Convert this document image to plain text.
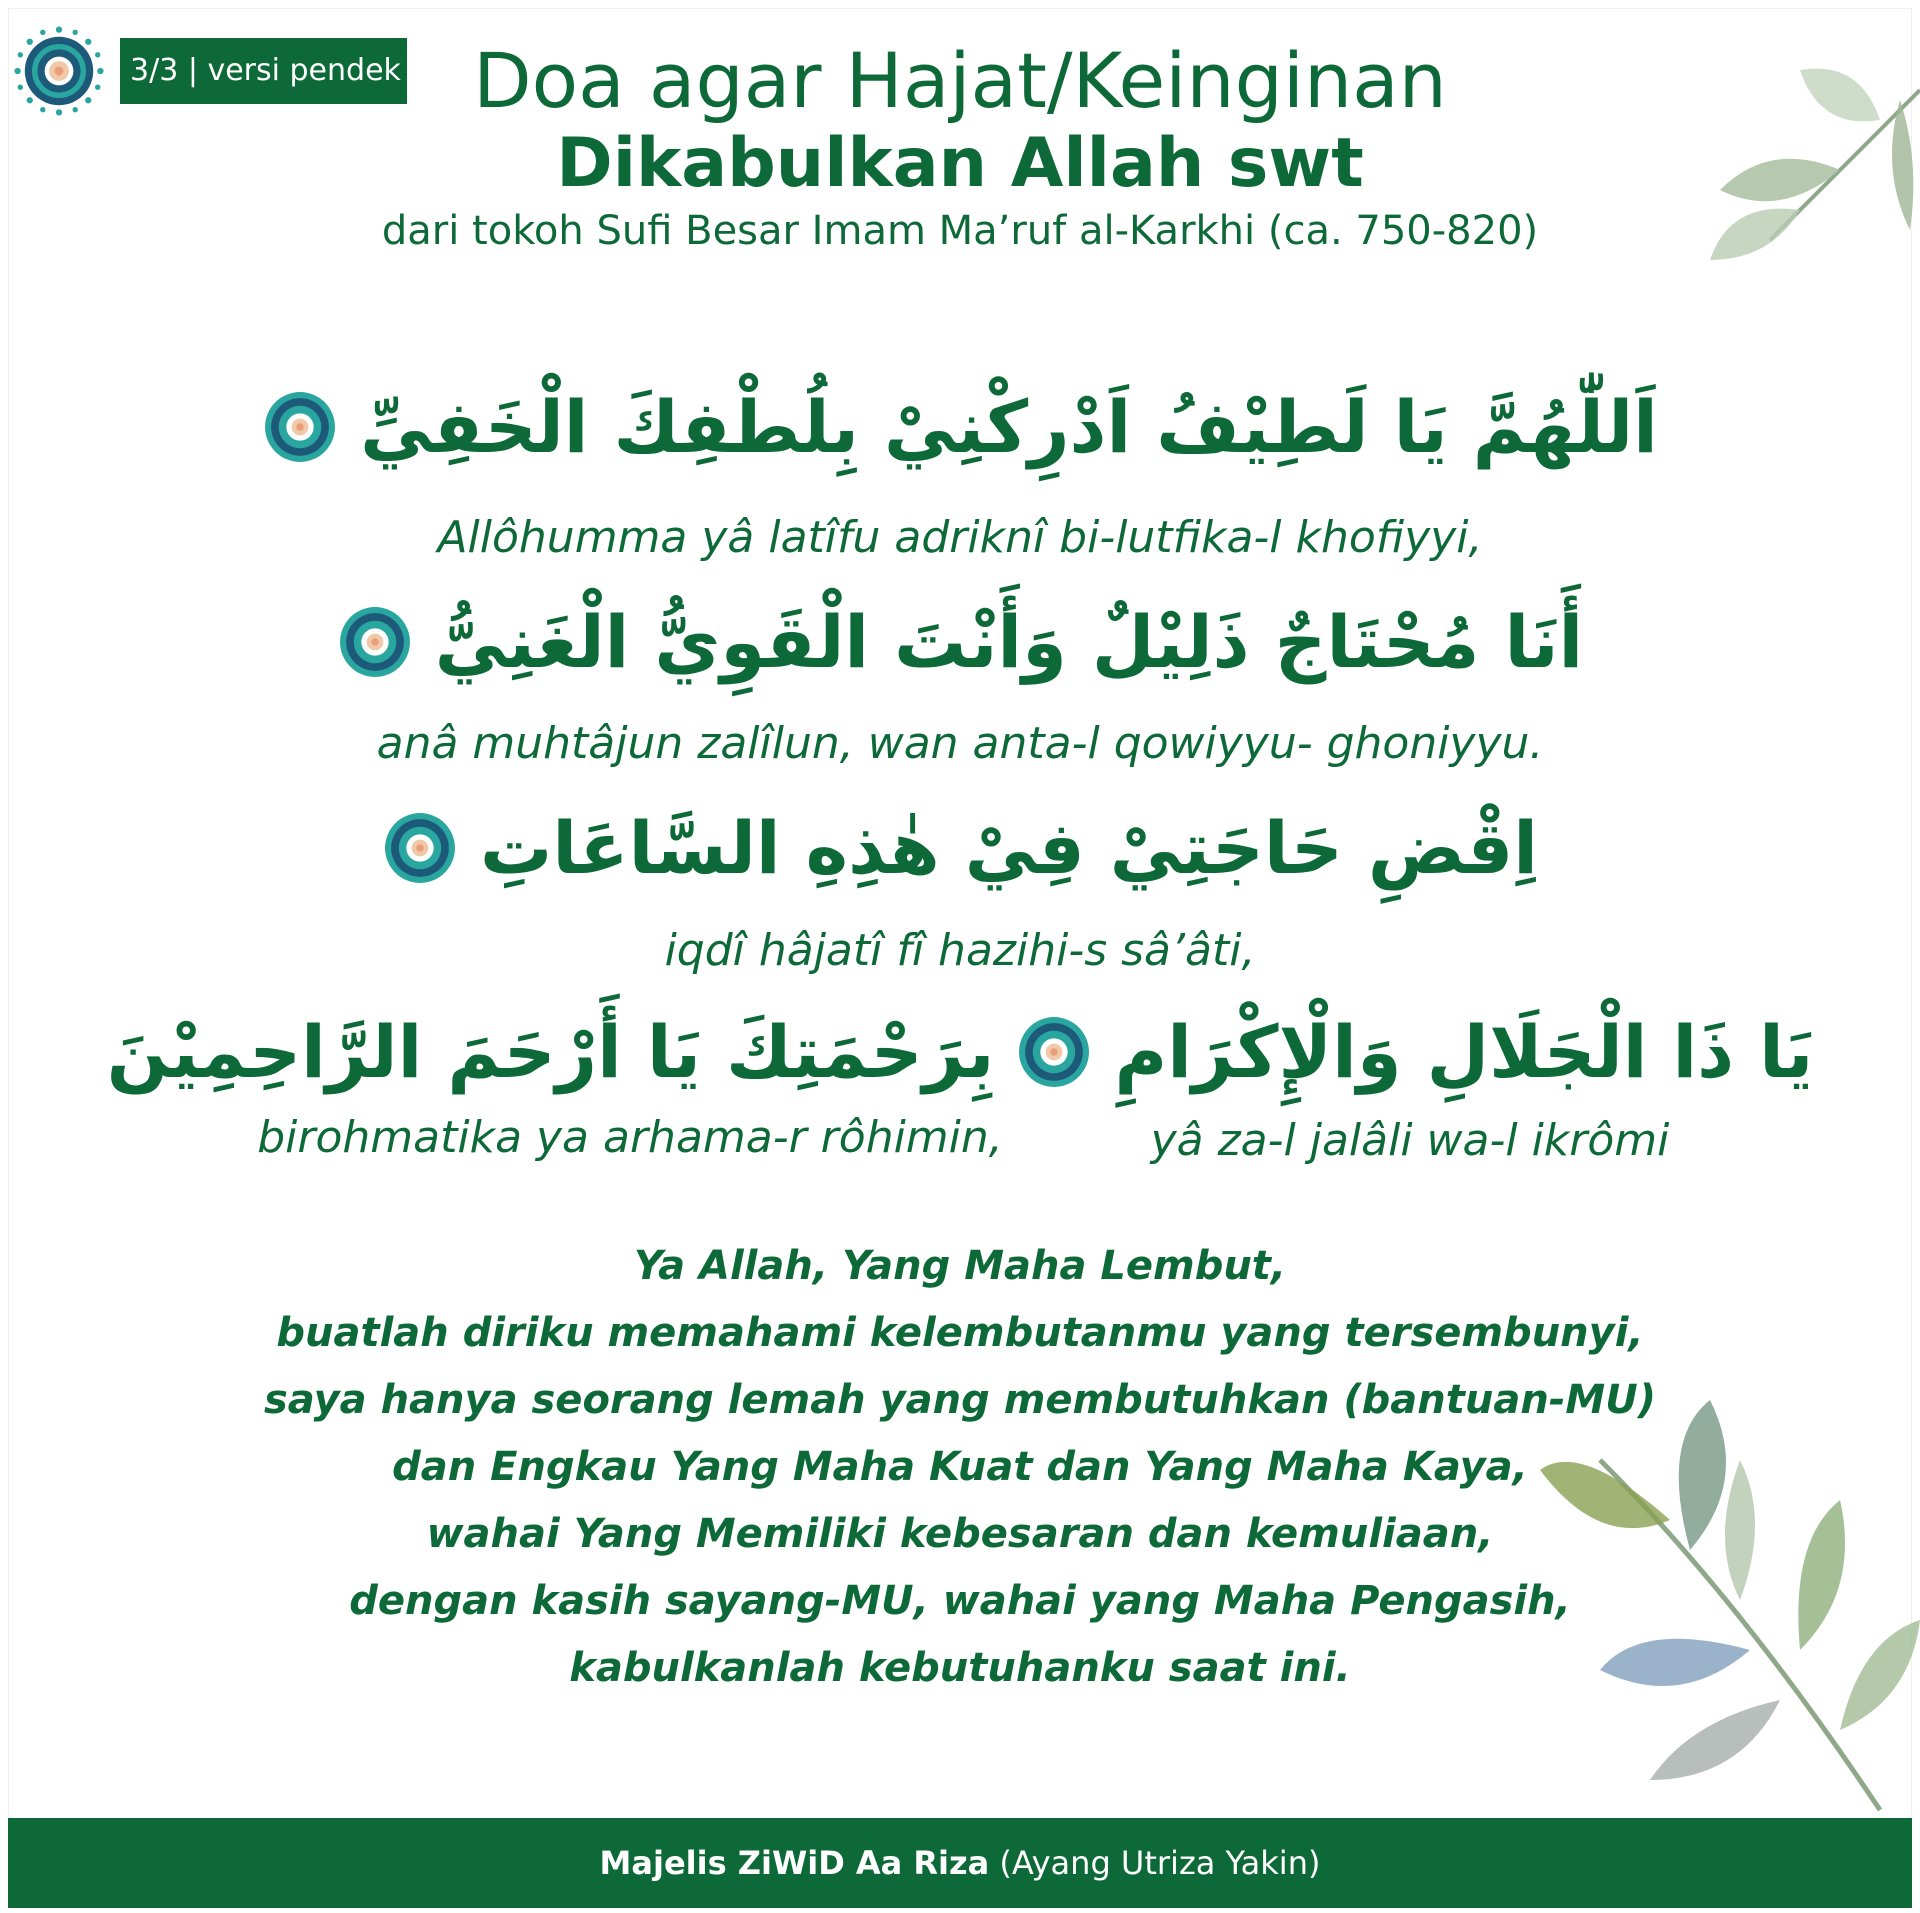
3/3 | versi pendek Doa agar Hajat/Keinginan
Dikabulkan Allah swt
dari tokoh Sufi Besar Imam Ma’ruf al-Karkhi (ca. 750-820)
اَللّٰهُمَّ يَا لَطِيْفُ اَدْرِكْنِيْ بِلُطْفِكَ الْخَفِيِّ
Allôhumma yâ latîfu adriknî bi-lutfika-l khofiyyi,
أَنَا مُحْتَاجٌ ذَلِيْلٌ وَأَنْتَ الْقَوِيُّ الْغَنِيُّ
anâ muhtâjun zalîlun, wan anta-l qowiyyu- ghoniyyu.
اِقْضِ حَاجَتِيْ فِيْ هٰذِهِ السَّاعَاتِ
iqdî hâjatî fî hazihi-s sâ’âti,
بِرَحْمَتِكَ يَا أَرْحَمَ الرَّاحِمِيْنَ يَا ذَا الْجَلَالِ وَالْإِكْرَامِ
birohmatika ya arhama-r rôhimin,	yâ za-l jalâli wa-l ikrômi

Ya Allah, Yang Maha Lembut,

buatlah diriku memahami kelembutanmu yang tersembunyi,

saya hanya seorang lemah yang membutuhkan (bantuan-MU)

dan Engkau Yang Maha Kuat dan Yang Maha Kaya,

wahai Yang Memiliki kebesaran dan kemuliaan,

dengan kasih sayang-MU, wahai yang Maha Pengasih,

kabulkanlah kebutuhanku saat ini.

Majelis ZiWiD Aa Riza (Ayang Utriza Yakin)
